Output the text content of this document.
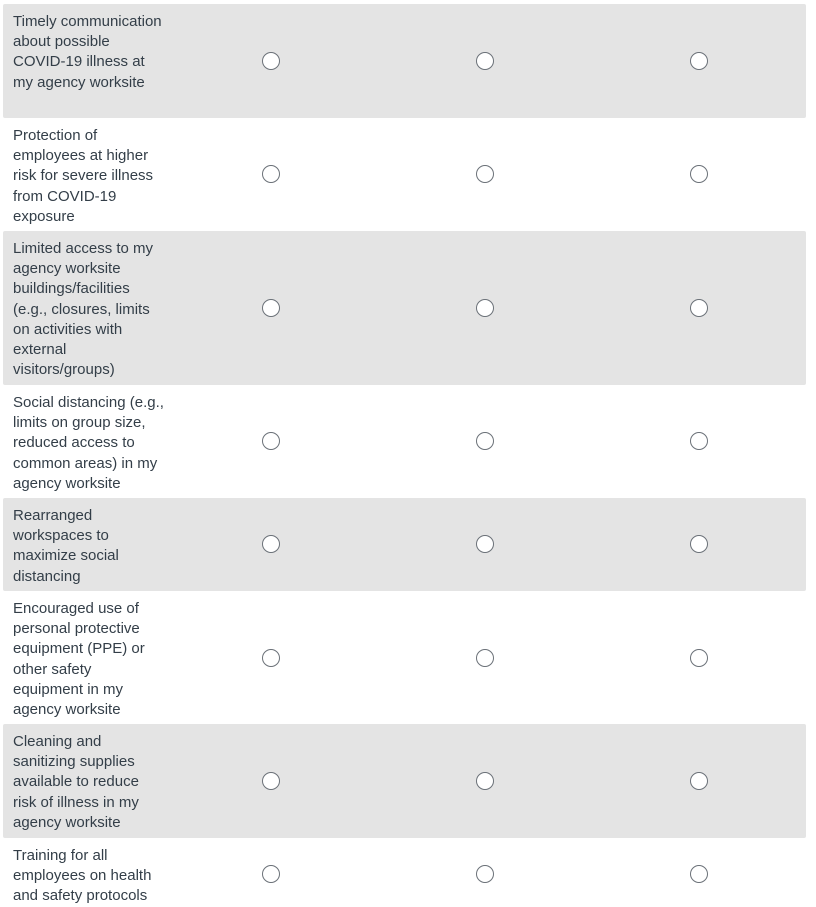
Timely communication about possible COVID-19 illness at my agency worksite
Protection of employees at higher risk for severe illness from COVID-19 exposure
Limited access to my agency worksite buildings/facilities (e.g., closures, limits on activities with external visitors/groups)
Social distancing (e.g., limits on group size, reduced access to common areas) in my agency worksite
Rearranged workspaces to maximize social distancing
Encouraged use of personal protective equipment (PPE) or other safety equipment in my agency worksite
Cleaning and sanitizing supplies available to reduce risk of illness in my agency worksite
Training for all employees on health and safety protocols
